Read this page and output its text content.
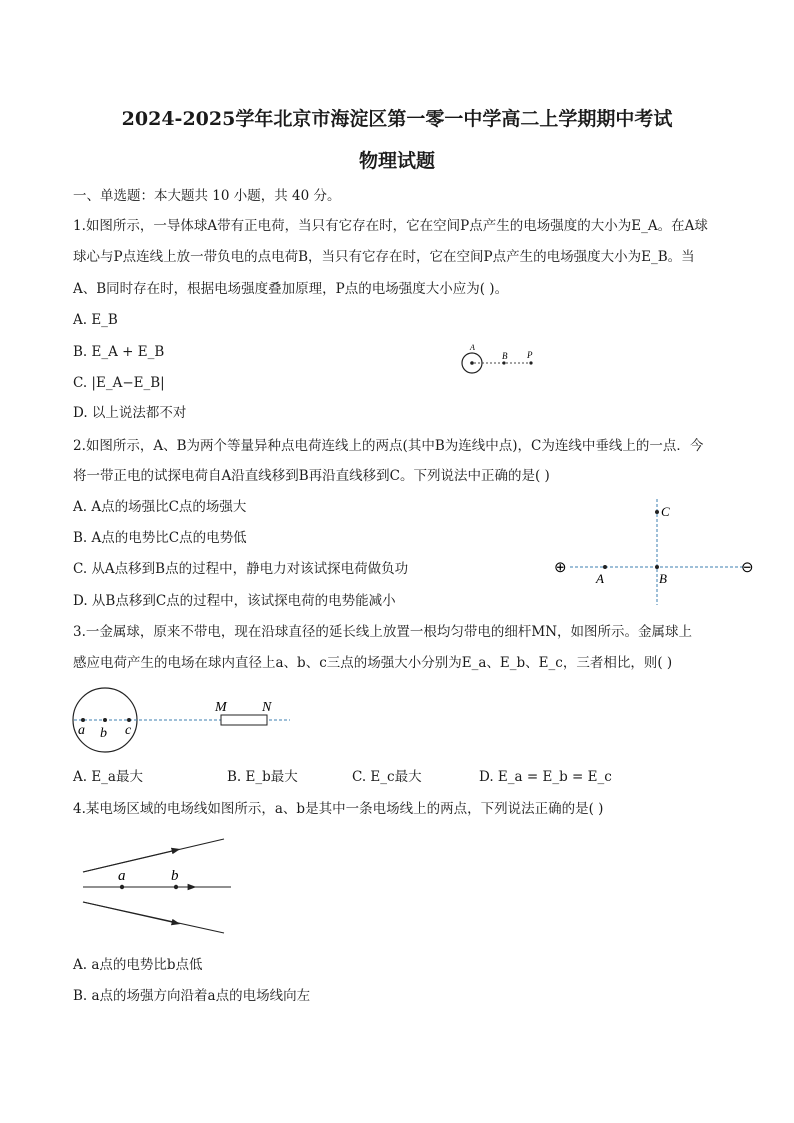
2024-2025学年北京市海淀区第一零一中学高二上学期期中考试
物理试题
一、单选题：本大题共 10 小题，共 40 分。
1.如图所示，一导体球A带有正电荷，当只有它存在时，它在空间P点产生的电场强度的大小为E_A。在A球
球心与P点连线上放一带负电的点电荷B，当只有它存在时，它在空间P点产生的电场强度大小为E_B。当
A、B同时存在时，根据电场强度叠加原理，P点的电场强度大小应为( )。
A. E_B
B. E_A + E_B
C. |E_A−E_B|
D. 以上说法都不对
A
B P
2.如图所示，A、B为两个等量异种点电荷连线上的两点(其中B为连线中点)，C为连线中垂线上的一点．今
将一带正电的试探电荷自A沿直线移到B再沿直线移到C。下列说法中正确的是( )
A. A点的场强比C点的场强大
B. A点的电势比C点的电势低
C. 从A点移到B点的过程中，静电力对该试探电荷做负功
D. 从B点移到C点的过程中，该试探电荷的电势能减小
⊕	⊖
A	B
C
3.一金属球，原来不带电，现在沿球直径的延长线上放置一根均匀带电的细杆MN，如图所示。金属球上
感应电荷产生的电场在球内直径上a、b、c三点的场强大小分别为E_a、E_b、E_c，三者相比，则( )
a b c
M	N
A. E_a最大	B. E_b最大	C. E_c最大	D. E_a = E_b = E_c
4.某电场区域的电场线如图所示，a、b是其中一条电场线上的两点，下列说法正确的是( )
a	b
A. a点的电势比b点低
B. a点的场强方向沿着a点的电场线向左
